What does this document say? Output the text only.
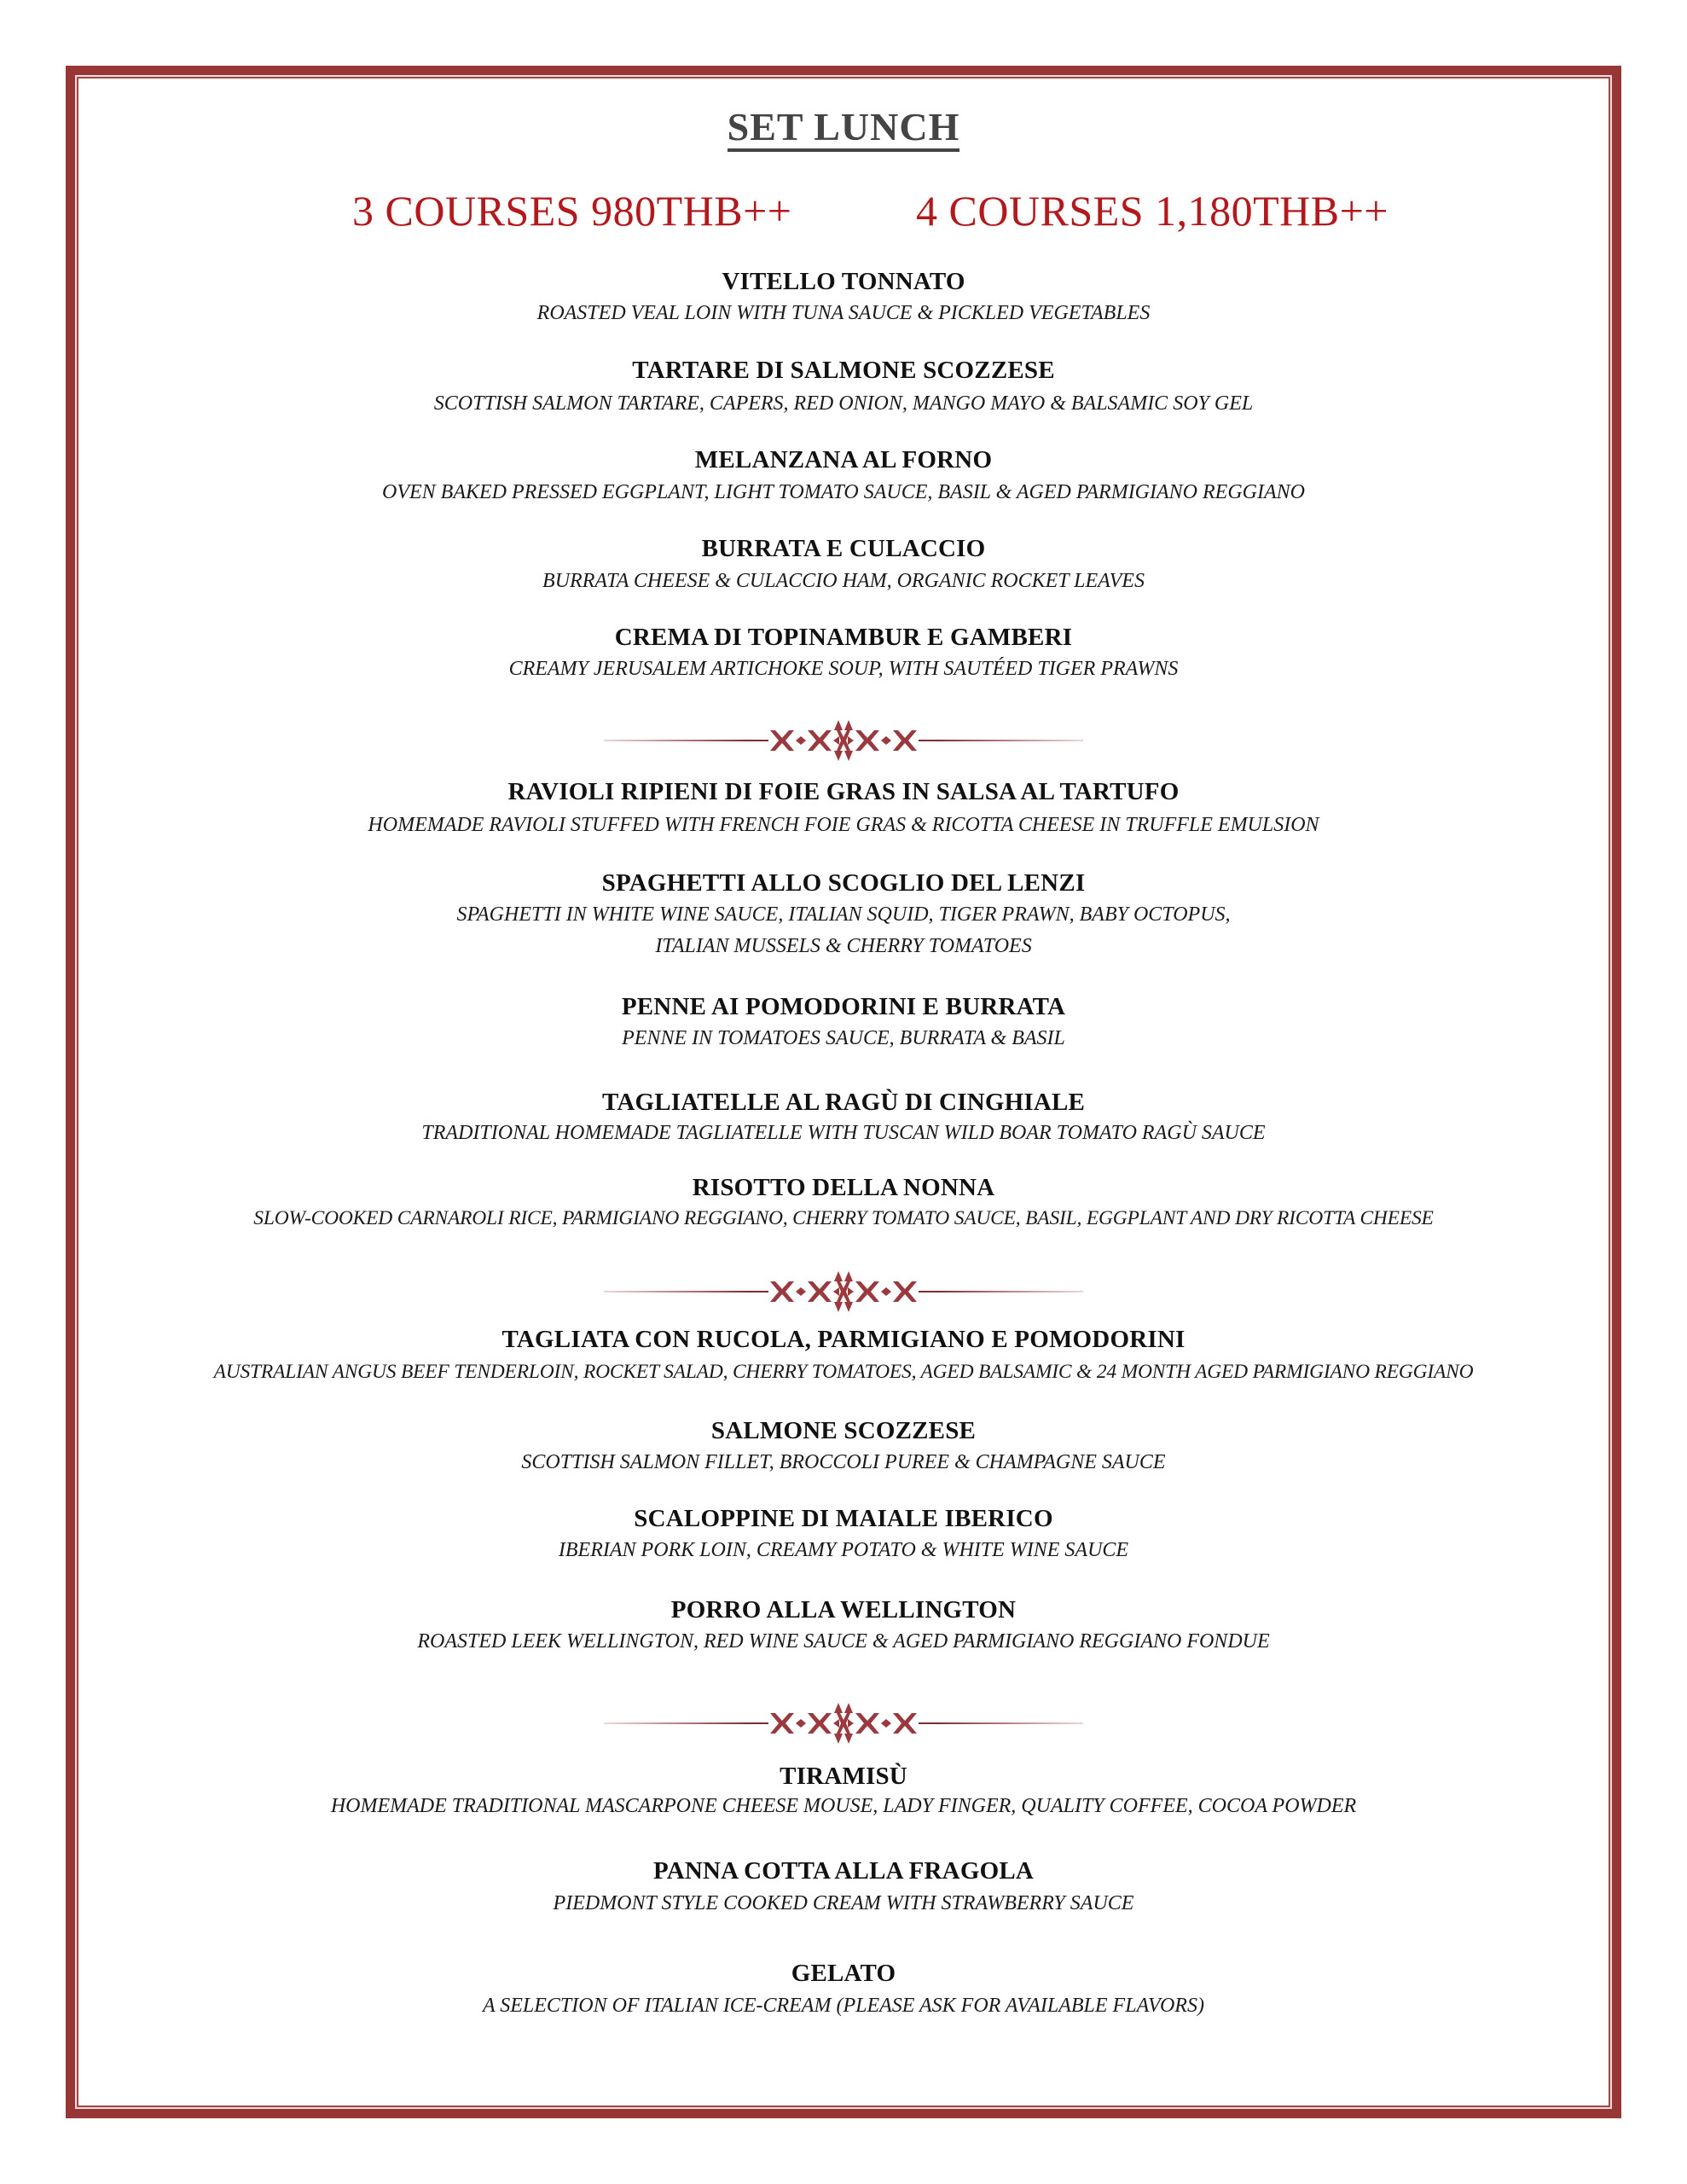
SET LUNCH
3 COURSES 980THB++	4 COURSES 1,180THB++
VITELLO TONNATO
ROASTED VEAL LOIN WITH TUNA SAUCE & PICKLED VEGETABLES
TARTARE DI SALMONE SCOZZESE
SCOTTISH SALMON TARTARE, CAPERS, RED ONION, MANGO MAYO & BALSAMIC SOY GEL
MELANZANA AL FORNO
OVEN BAKED PRESSED EGGPLANT, LIGHT TOMATO SAUCE, BASIL & AGED PARMIGIANO REGGIANO
BURRATA E CULACCIO
BURRATA CHEESE & CULACCIO HAM, ORGANIC ROCKET LEAVES
CREMA DI TOPINAMBUR E GAMBERI
CREAMY JERUSALEM ARTICHOKE SOUP, WITH SAUTÉED TIGER PRAWNS
RAVIOLI RIPIENI DI FOIE GRAS IN SALSA AL TARTUFO
HOMEMADE RAVIOLI STUFFED WITH FRENCH FOIE GRAS & RICOTTA CHEESE IN TRUFFLE EMULSION
SPAGHETTI ALLO SCOGLIO DEL LENZI
SPAGHETTI IN WHITE WINE SAUCE, ITALIAN SQUID, TIGER PRAWN, BABY OCTOPUS,
ITALIAN MUSSELS & CHERRY TOMATOES
PENNE AI POMODORINI E BURRATA
PENNE IN TOMATOES SAUCE, BURRATA & BASIL
TAGLIATELLE AL RAGÙ DI CINGHIALE
TRADITIONAL HOMEMADE TAGLIATELLE WITH TUSCAN WILD BOAR TOMATO RAGÙ SAUCE
RISOTTO DELLA NONNA
SLOW-COOKED CARNAROLI RICE, PARMIGIANO REGGIANO, CHERRY TOMATO SAUCE, BASIL, EGGPLANT AND DRY RICOTTA CHEESE
TAGLIATA CON RUCOLA, PARMIGIANO E POMODORINI
AUSTRALIAN ANGUS BEEF TENDERLOIN, ROCKET SALAD, CHERRY TOMATOES, AGED BALSAMIC & 24 MONTH AGED PARMIGIANO REGGIANO
SALMONE SCOZZESE
SCOTTISH SALMON FILLET, BROCCOLI PUREE & CHAMPAGNE SAUCE
SCALOPPINE DI MAIALE IBERICO
IBERIAN PORK LOIN, CREAMY POTATO & WHITE WINE SAUCE
PORRO ALLA WELLINGTON
ROASTED LEEK WELLINGTON, RED WINE SAUCE & AGED PARMIGIANO REGGIANO FONDUE
TIRAMISÙ
HOMEMADE TRADITIONAL MASCARPONE CHEESE MOUSE, LADY FINGER, QUALITY COFFEE, COCOA POWDER
PANNA COTTA ALLA FRAGOLA
PIEDMONT STYLE COOKED CREAM WITH STRAWBERRY SAUCE
GELATO
A SELECTION OF ITALIAN ICE-CREAM (PLEASE ASK FOR AVAILABLE FLAVORS)
